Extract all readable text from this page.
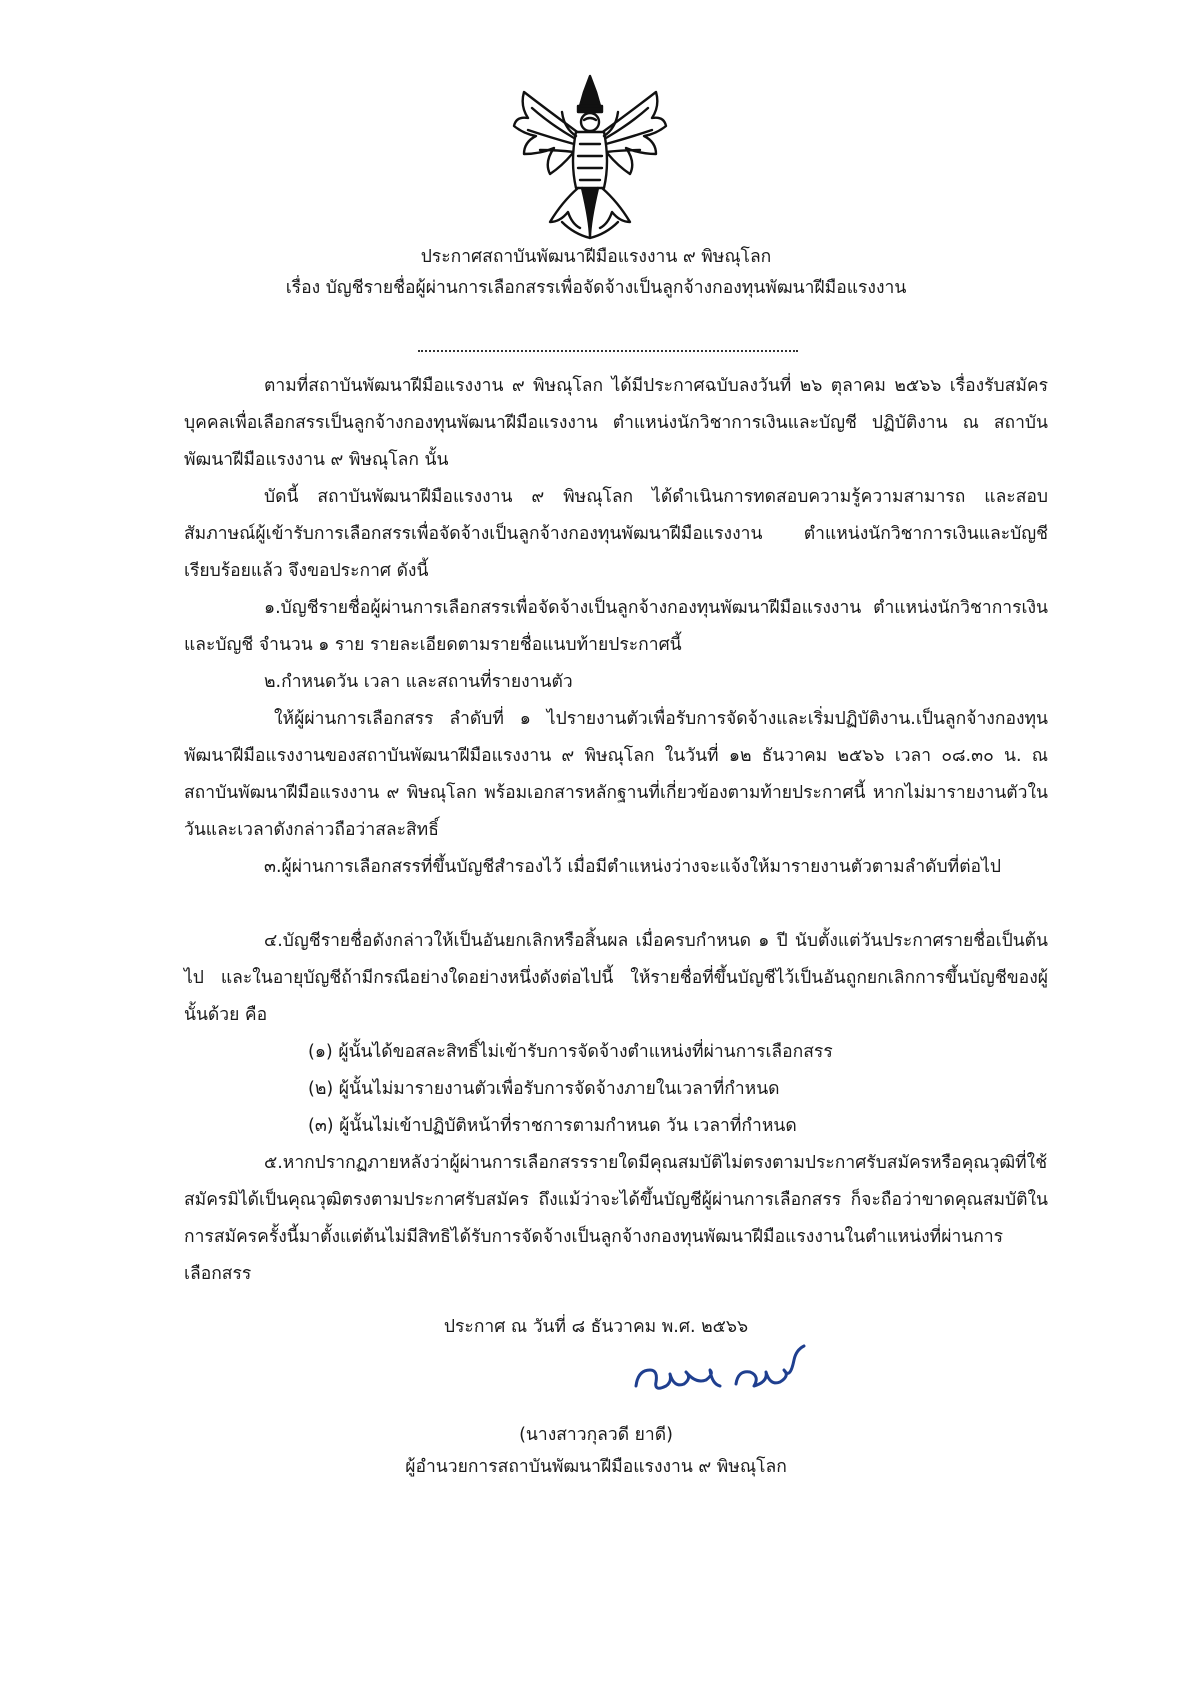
ประกาศสถาบันพัฒนาฝีมือแรงงาน ๙ พิษณุโลก
เรื่อง บัญชีรายชื่อผู้ผ่านการเลือกสรรเพื่อจัดจ้างเป็นลูกจ้างกองทุนพัฒนาฝีมือแรงงาน
ตามที่สถาบันพัฒนาฝีมือแรงงาน ๙ พิษณุโลก ได้มีประกาศฉบับลงวันที่ ๒๖ ตุลาคม ๒๕๖๖ เรื่องรับสมัครบุคคลเพื่อเลือกสรรเป็นลูกจ้างกองทุนพัฒนาฝีมือแรงงาน ตำแหน่งนักวิชาการเงินและบัญชี ปฏิบัติงาน ณ สถาบันพัฒนาฝีมือแรงงาน ๙ พิษณุโลก นั้น
บัดนี้ สถาบันพัฒนาฝีมือแรงงาน ๙ พิษณุโลก ได้ดำเนินการทดสอบความรู้ความสามารถ และสอบสัมภาษณ์ผู้เข้ารับการเลือกสรรเพื่อจัดจ้างเป็นลูกจ้างกองทุนพัฒนาฝีมือแรงงาน ตำแหน่งนักวิชาการเงินและบัญชี เรียบร้อยแล้ว จึงขอประกาศ ดังนี้
๑.บัญชีรายชื่อผู้ผ่านการเลือกสรรเพื่อจัดจ้างเป็นลูกจ้างกองทุนพัฒนาฝีมือแรงงาน ตำแหน่งนักวิชาการเงินและบัญชี จำนวน ๑ ราย รายละเอียดตามรายชื่อแนบท้ายประกาศนี้
๒.กำหนดวัน เวลา และสถานที่รายงานตัว
ให้ผู้ผ่านการเลือกสรร ลำดับที่ ๑ ไปรายงานตัวเพื่อรับการจัดจ้างและเริ่มปฏิบัติงาน.เป็นลูกจ้างกองทุนพัฒนาฝีมือแรงงานของสถาบันพัฒนาฝีมือแรงงาน ๙ พิษณุโลก ในวันที่ ๑๒ ธันวาคม ๒๕๖๖ เวลา ๐๘.๓๐ น. ณ สถาบันพัฒนาฝีมือแรงงาน ๙ พิษณุโลก พร้อมเอกสารหลักฐานที่เกี่ยวข้องตามท้ายประกาศนี้ หากไม่มารายงานตัวในวันและเวลาดังกล่าวถือว่าสละสิทธิ์
๓.ผู้ผ่านการเลือกสรรที่ขึ้นบัญชีสำรองไว้ เมื่อมีตำแหน่งว่างจะแจ้งให้มารายงานตัวตามลำดับที่ต่อไป
๔.บัญชีรายชื่อดังกล่าวให้เป็นอันยกเลิกหรือสิ้นผล เมื่อครบกำหนด ๑ ปี นับตั้งแต่วันประกาศรายชื่อเป็นต้นไป และในอายุบัญชีถ้ามีกรณีอย่างใดอย่างหนึ่งดังต่อไปนี้ ให้รายชื่อที่ขึ้นบัญชีไว้เป็นอันถูกยกเลิกการขึ้นบัญชีของผู้นั้นด้วย คือ
(๑) ผู้นั้นได้ขอสละสิทธิ์ไม่เข้ารับการจัดจ้างตำแหน่งที่ผ่านการเลือกสรร
(๒) ผู้นั้นไม่มารายงานตัวเพื่อรับการจัดจ้างภายในเวลาที่กำหนด
(๓) ผู้นั้นไม่เข้าปฏิบัติหน้าที่ราชการตามกำหนด วัน เวลาที่กำหนด
๕.หากปรากฏภายหลังว่าผู้ผ่านการเลือกสรรรายใดมีคุณสมบัติไม่ตรงตามประกาศรับสมัครหรือคุณวุฒิที่ใช้สมัครมิได้เป็นคุณวุฒิตรงตามประกาศรับสมัคร ถึงแม้ว่าจะได้ขึ้นบัญชีผู้ผ่านการเลือกสรร ก็จะถือว่าขาดคุณสมบัติในการสมัครครั้งนี้มาตั้งแต่ต้นไม่มีสิทธิได้รับการจัดจ้างเป็นลูกจ้างกองทุนพัฒนาฝีมือแรงงานในตำแหน่งที่ผ่านการเลือกสรร
ประกาศ ณ วันที่ ๘ ธันวาคม พ.ศ. ๒๕๖๖
(นางสาวกุลวดี ยาดี)
ผู้อำนวยการสถาบันพัฒนาฝีมือแรงงาน ๙ พิษณุโลก
